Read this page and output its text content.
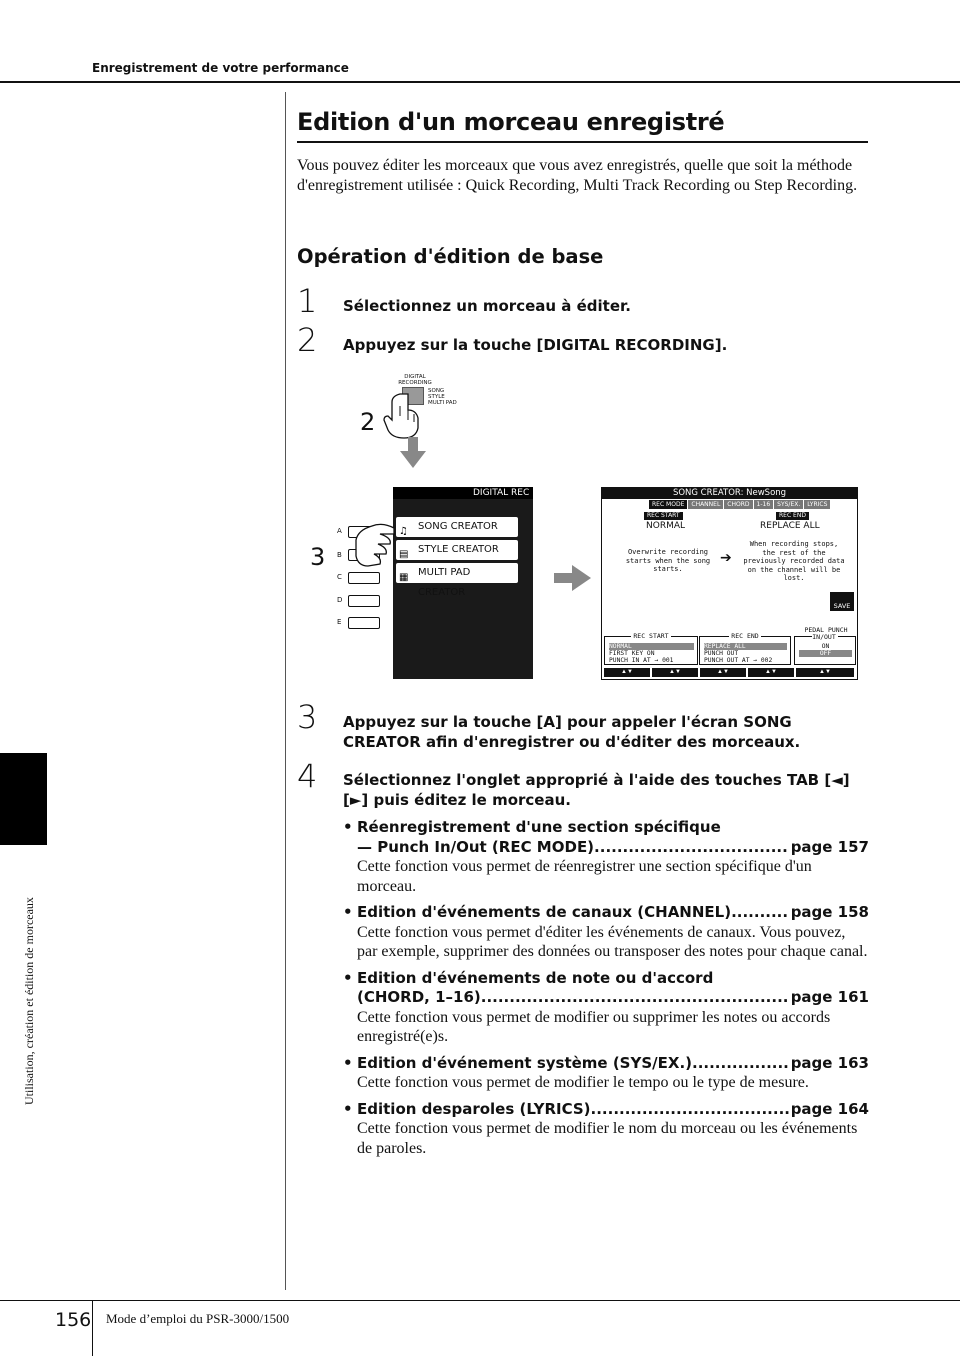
Enregistrement de votre performance
Utilisation, création et édition de morceaux
Edition d'un morceau enregistré
Vous pouvez éditer les morceaux que vous avez enregistrés, quelle que soit la méthode d'enregistrement utilisée : Quick Recording, Multi Track Recording ou Step Recording.
Opération d'édition de base
1 Sélectionnez un morceau à éditer.
2 Appuyez sur la touche [DIGITAL RECORDING].
DIGITAL RECORDING
SONG
STYLE
MULTI PAD
2
A
B
C
D
E
3
DIGITAL REC
SONG CREATOR
STYLE CREATOR
MULTI PAD CREATOR
♫
▤
▦
SONG CREATOR: NewSong
REC MODE	CHANNEL	CHORD	1-16	SYS/EX.	LYRICS
REC START
NORMAL
REC END
REPLACE ALL
Overwrite recording starts when the song starts.
When recording stops, the rest of the previously recorded data on the channel will be lost.
➔
SAVE
REC START
NORMAL
FIRST KEY ON
PUNCH IN AT → 001
REC END
REPLACE ALL
PUNCH OUT
PUNCH OUT AT → 002
PEDAL PUNCH IN/OUT
ON
OFF
▲▼	▲▼	▲▼	▲▼	▲▼
3 Appuyez sur la touche [A] pour appeler l'écran SONG CREATOR afin d'enregistrer ou d'éditer des morceaux.
4 Sélectionnez l'onglet approprié à l'aide des touches TAB [◄][►] puis éditez le morceau.
• Réenregistrement d'une section spécifique
— Punch In/Out (REC MODE) .....	page 157
Cette fonction vous permet de réenregistrer une section spécifique d'un morceau.
• Edition d'événements de canaux (CHANNEL) .....	page 158
Cette fonction vous permet d'éditer les événements de canaux. Vous pouvez, par exemple, supprimer des données ou transposer des notes pour chaque canal.
• Edition d'événements de note ou d'accord
(CHORD, 1–16) .....	page 161
Cette fonction vous permet de modifier ou supprimer les notes ou accords enregistré(e)s.
• Edition d'événement système (SYS/EX.) .....	page 163
Cette fonction vous permet de modifier le tempo ou le type de mesure.
• Edition desparoles (LYRICS) .....	page 164
Cette fonction vous permet de modifier le nom du morceau ou les événements de paroles.
156 Mode d’emploi du PSR-3000/1500
